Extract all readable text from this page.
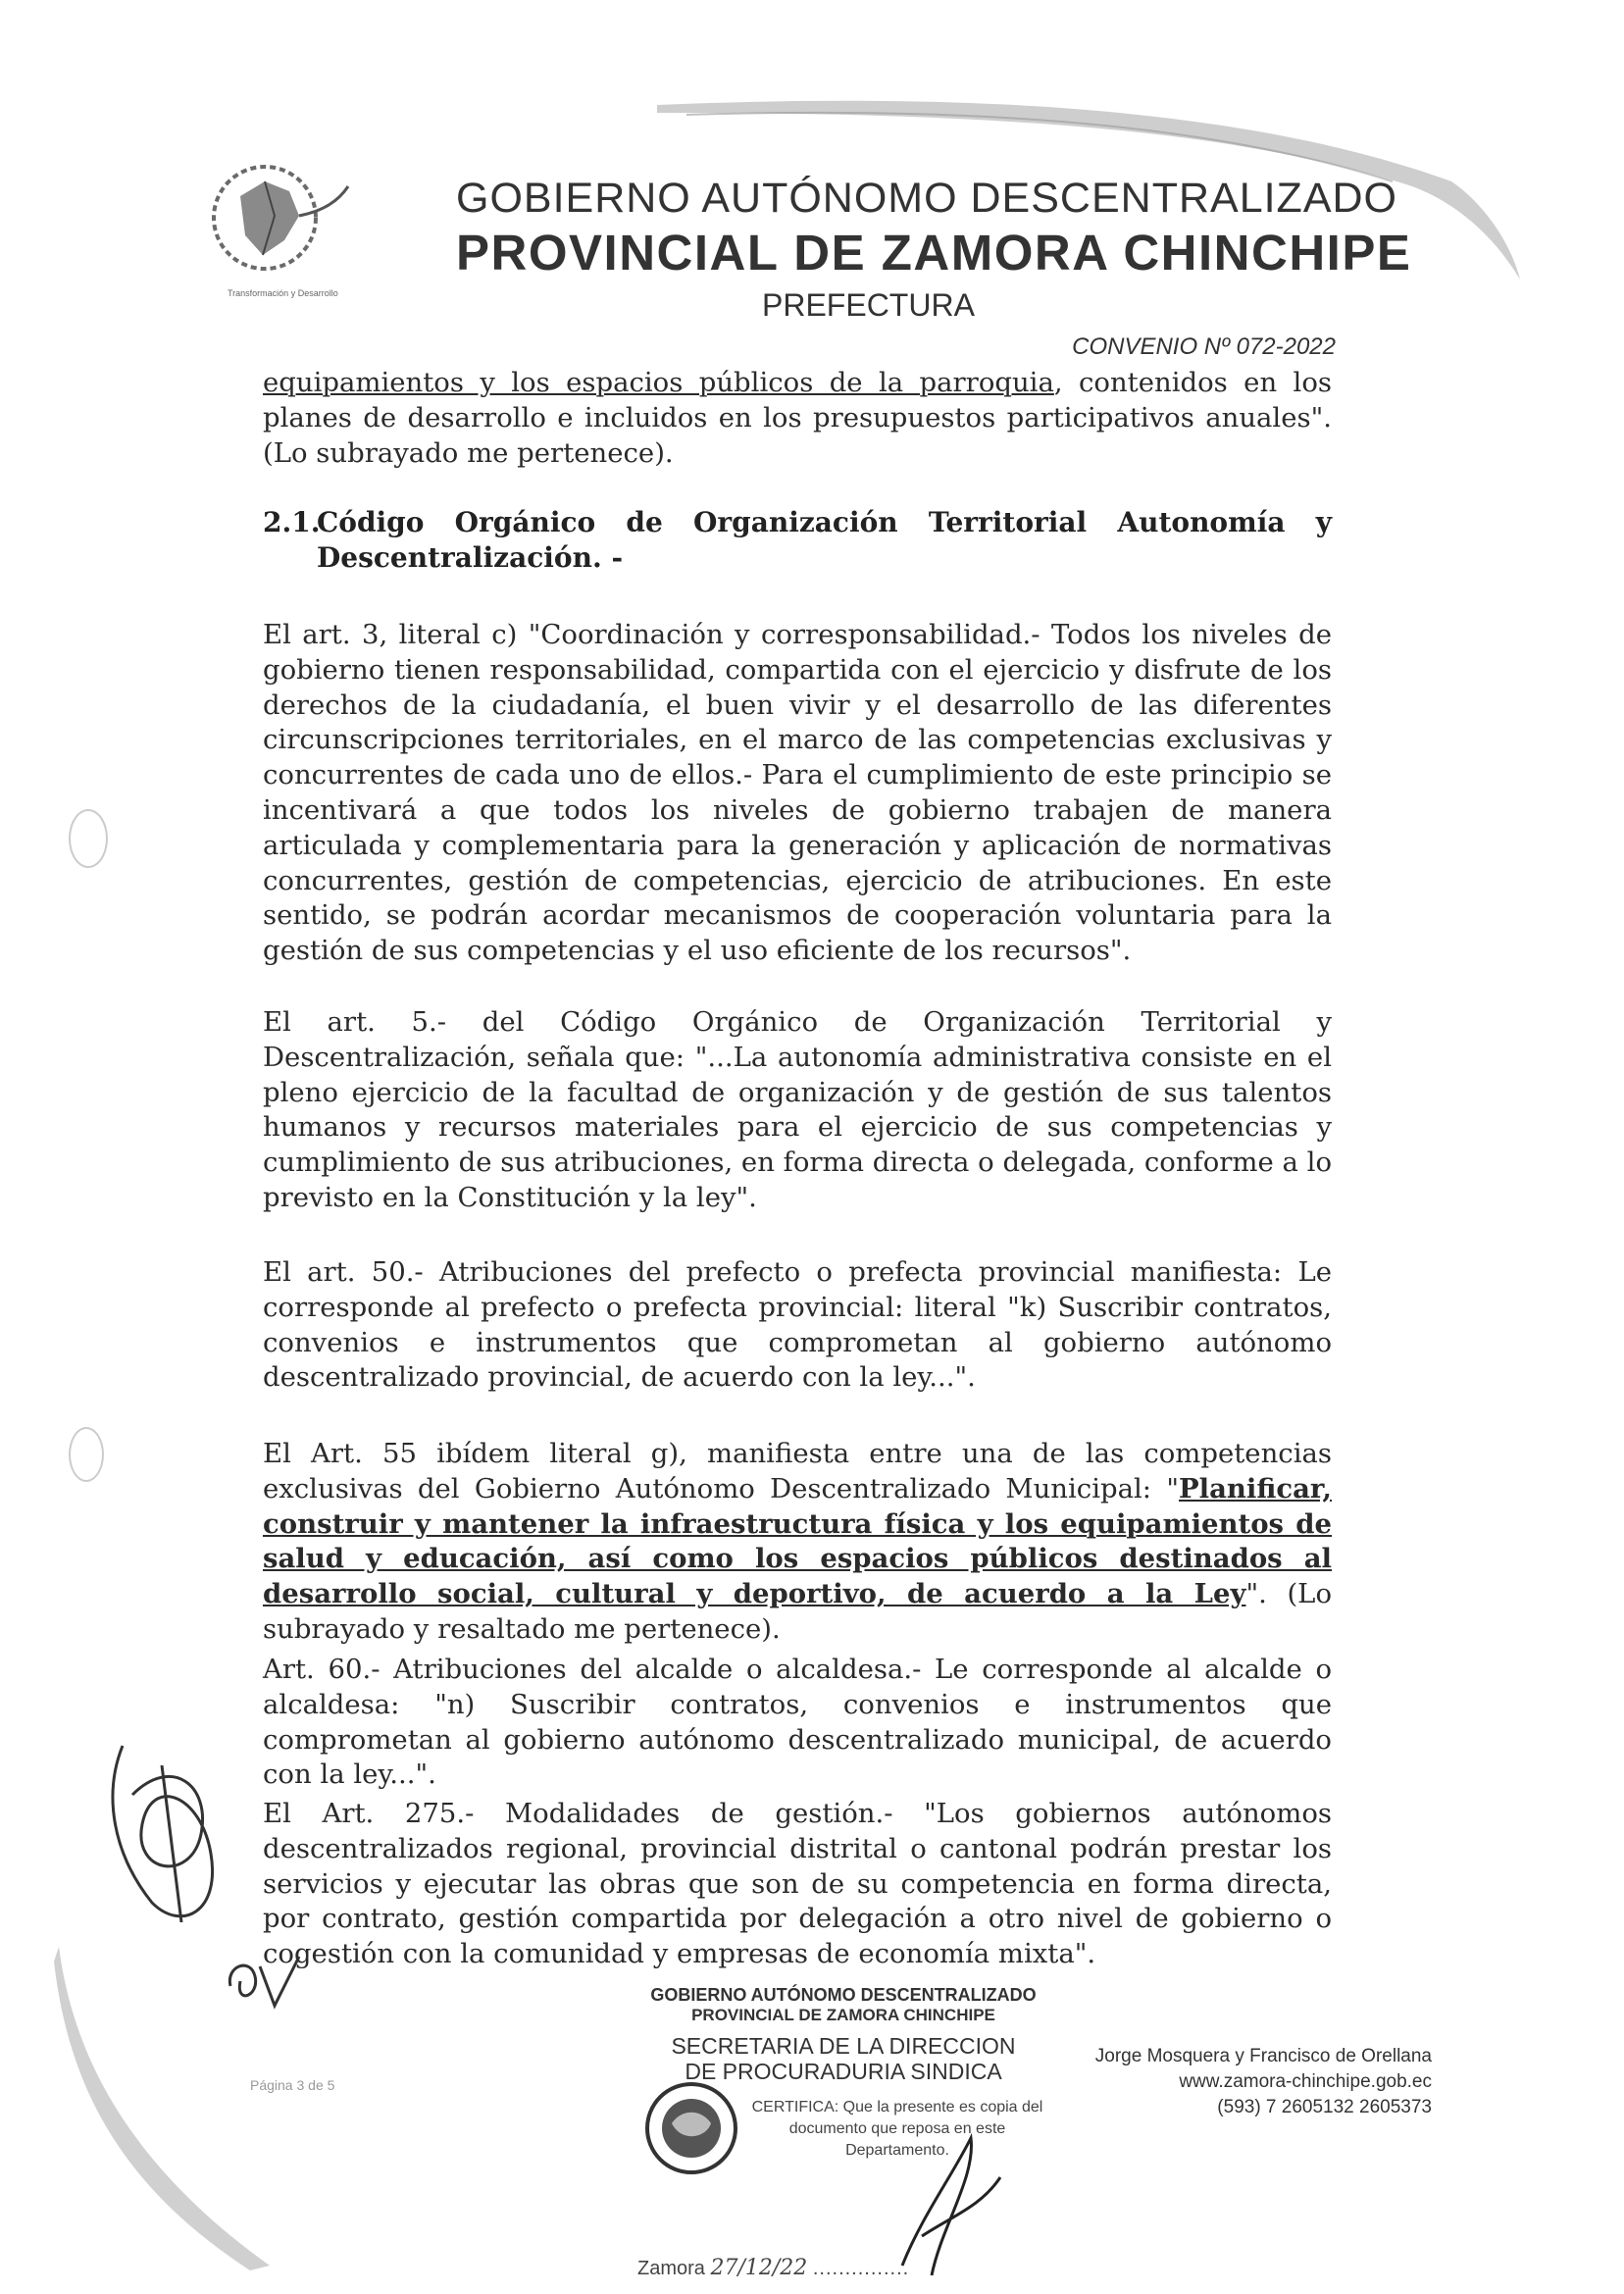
Transformación y Desarrollo
GOBIERNO AUTÓNOMO DESCENTRALIZADO
PROVINCIAL DE ZAMORA CHINCHIPE
PREFECTURA
CONVENIO Nº 072-2022

equipamientos y los espacios públicos de la parroquia, contenidos en los planes de desarrollo e incluidos en los presupuestos participativos anuales". (Lo subrayado me pertenece).

2.1.
Código Orgánico de Organización Territorial Autonomía y Descentralización. -

El art. 3, literal c) "Coordinación y corresponsabilidad.- Todos los niveles de gobierno tienen responsabilidad, compartida con el ejercicio y disfrute de los derechos de la ciudadanía, el buen vivir y el desarrollo de las diferentes circunscripciones territoriales, en el marco de las competencias exclusivas y concurrentes de cada uno de ellos.- Para el cumplimiento de este principio se incentivará a que todos los niveles de gobierno trabajen de manera articulada y complementaria para la generación y aplicación de normativas concurrentes, gestión de competencias, ejercicio de atribuciones. En este sentido, se podrán acordar mecanismos de cooperación voluntaria para la gestión de sus competencias y el uso eficiente de los recursos".

El art. 5.- del Código Orgánico de Organización Territorial y Descentralización, señala que: "...La autonomía administrativa consiste en el pleno ejercicio de la facultad de organización y de gestión de sus talentos humanos y recursos materiales para el ejercicio de sus competencias y cumplimiento de sus atribuciones, en forma directa o delegada, conforme a lo previsto en la Constitución y la ley".

El art. 50.- Atribuciones del prefecto o prefecta provincial manifiesta: Le corresponde al prefecto o prefecta provincial: literal "k) Suscribir contratos, convenios e instrumentos que comprometan al gobierno autónomo descentralizado provincial, de acuerdo con la ley...".

El Art. 55 ibídem literal g), manifiesta entre una de las competencias exclusivas del Gobierno Autónomo Descentralizado Municipal: "Planificar, construir y mantener la infraestructura física y los equipamientos de salud y educación, así como los espacios públicos destinados al desarrollo social, cultural y deportivo, de acuerdo a la Ley". (Lo subrayado y resaltado me pertenece).

Art. 60.- Atribuciones del alcalde o alcaldesa.- Le corresponde al alcalde o alcaldesa: "n) Suscribir contratos, convenios e instrumentos que comprometan al gobierno autónomo descentralizado municipal, de acuerdo con la ley...".

El Art. 275.- Modalidades de gestión.- "Los gobiernos autónomos descentralizados regional, provincial distrital o cantonal podrán prestar los servicios y ejecutar las obras que son de su competencia en forma directa, por contrato, gestión compartida por delegación a otro nivel de gobierno o cogestión con la comunidad y empresas de economía mixta".

Página 3 de 5
GOBIERNO AUTÓNOMO DESCENTRALIZADO
PROVINCIAL DE ZAMORA CHINCHIPE
SECRETARIA DE LA DIRECCION
DE PROCURADURIA SINDICA
CERTIFICA: Que la presente es copia del documento que reposa en este Departamento.
Zamora 27/12/22 ...............
Jorge Mosquera y Francisco de Orellana
www.zamora-chinchipe.gob.ec
(593) 7 2605132 2605373
